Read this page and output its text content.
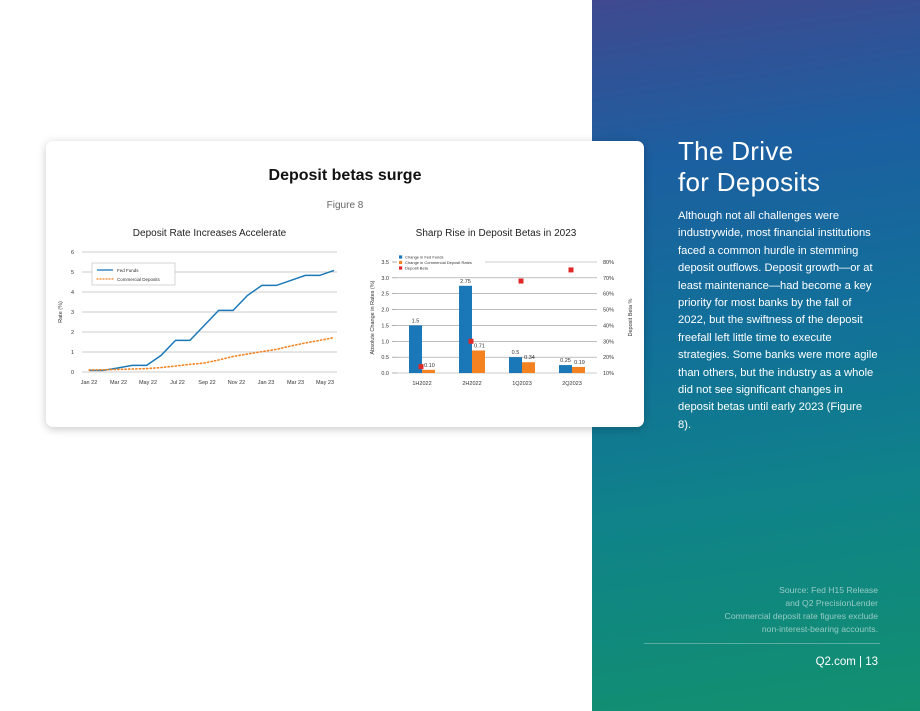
The Drive
for Deposits
Although not all challenges were industrywide, most financial institutions faced a common hurdle in stemming deposit outflows. Deposit growth—or at least maintenance—had become a key priority for most banks by the fall of 2022, but the swiftness of the deposit freefall left little time to execute strategies. Some banks were more agile than others, but the industry as a whole did not see significant changes in deposit betas until early 2023 (Figure 8).
Source: Fed H15 Release
and Q2 PrecisionLender
Commercial deposit rate figures exclude
non-interest-bearing accounts.
Q2.com | 13
Deposit betas surge
Figure 8
Deposit Rate Increases Accelerate
0
1
2
3
4
5
6
Rate (%)
Jan 22 Mar 22 May 22 Jul 22 Sep 22 Nov 22 Jan 23 Mar 23 May 23
Fed Funds
Commercial Deposits
Sharp Rise in Deposit Betas in 2023
0.0
0.5
1.0
1.5
2.0
2.5
3.0
3.5
10%
20%
30%
40%
50%
60%
70%
80%
Absolute Change in Rates (%)	Deposit Beta %
1H2022
1.5
0.10
2H2022
2.75
0.71
1Q2023
0.5
0.34
2Q2023
0.25 0.19
Change in Fed Funds
Change in Commercial Deposit Rates
Deposit Beta
